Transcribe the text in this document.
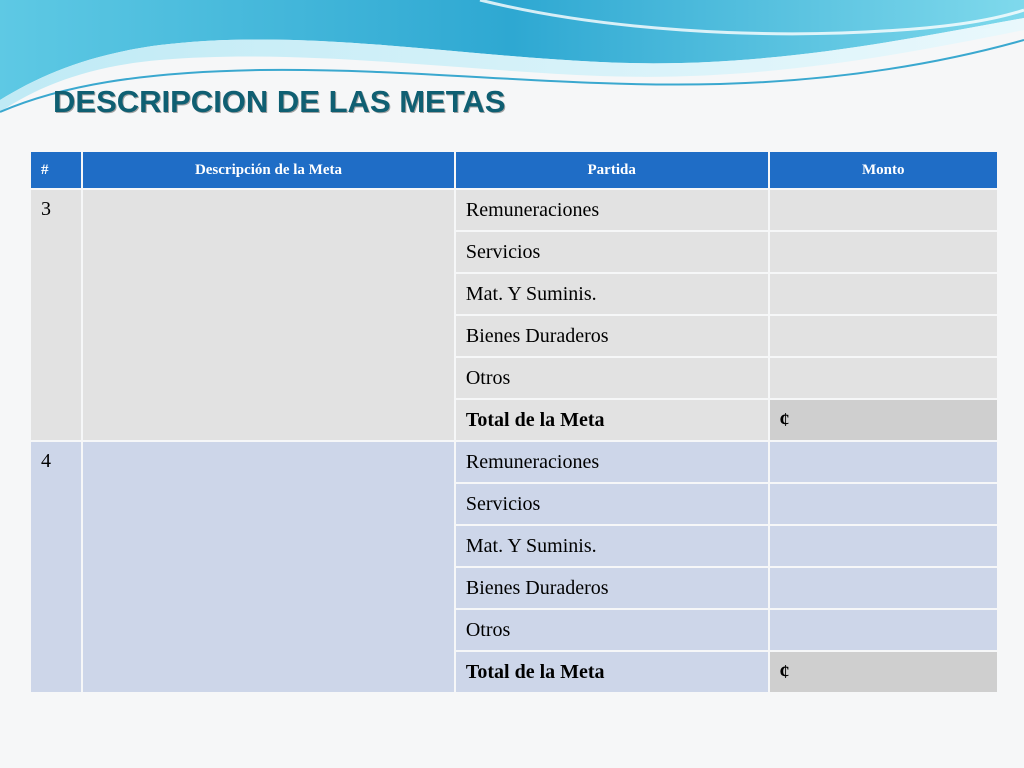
DESCRIPCION DE LAS METAS
#	Descripción de la Meta	Partida	Monto
3		Remuneraciones	
		Servicios	
		Mat. Y Suminis.	
		Bienes Duraderos	
		Otros	
		Total de la Meta	¢
4		Remuneraciones	
		Servicios	
		Mat. Y Suminis.	
		Bienes Duraderos	
		Otros	
		Total de la Meta	¢
